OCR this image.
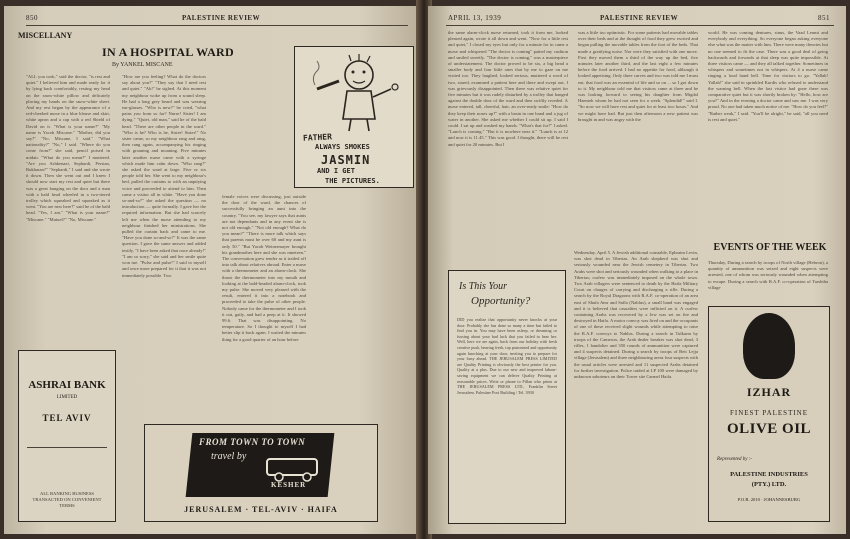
850	PALESTINE REVIEW
MISCELLANY
IN A HOSPITAL WARD
By YANKEL MISCANE
"ALL you took," said the doctor, "is rest and quiet." I believed him and made ready for it by lying back comfortably, resting my head on the snow-white pillow and delicately placing my hands on the snow-white sheet. And my rest began by the appearance of a red-cheeked nurse in a blue blouse and skirt, white apron and a cap with a red Shield of David on it. "What is your name?" "My name is Yacob Miscane." "Mother, did you say?" "No, Miscane, I said." "What nationality?" "No," I said. "Where do you come from?" she said, pencil poised in midair. "What do you mean?" I muttered. "Are you Ashkenazi, Sephardi, Persian, Bukharan?" "Sephardi," I said and she wrote it down. Then she went out and I knew I should now start my rest and quiet but there was a great banging on the door and a man with a bald head wheeled in a two-tiered trolley which squeaked and squeaked as it went. "You are new here?" said he of the bald head. "Yes, I am." "What is your name?" "Miscane." "Mutuel?" "No, Miscane."
"How are you feeling? What do the doctors say about you?" "They say that I need rest and quiet." "Ah!" he sighed. At this moment my neighbour woke up from a sound sleep. He had a long grey beard and was wearing ear-glasses. "Who is new?" he cried, "what pains you from so far? Nurse! Sister! I am dying." "Quiet, old man," said he of the bald head. "There are other people in the ward." "Who is he? Who is he, Sister! Sister!" No sister came, so my neighbour rang and rang, then rang again, accompanying his ringing with groaning and moaning. Five minutes later another nurse came with a syringe which made him calm down. "Who rang?" she asked the ward at large. Five or six people told her. She went to my neighbour's bed, pulled the curtains to with an unpitying voice and proceeded to attend to him. Then came a visitor all in white. "Have you done so-and-so?" she asked the question — no introduction — quite formally. I gave her the required information. But she had scarcely left me when the nurse attending to my neighbour finished her ministrations. She pulled the curtain back and came to me. "Have you done so-and-so?" It was the same question. I gave the same answer and added testily, "I have been asked that once already!" "I am so sorry," she said and her smile quite won me. "Pulse and pulse!" I said to myself and once more prepared for it that it was not immediately possible. Two
female voices were discussing, just outside the door of the ward, the chances of successfully bringing an aunt into the country. "You see, my lawyer says that aunts are not dependants and in any event she is not old enough." "Not old enough? What do you mean?" "There is more talk which says that parents must be over 60 and my aunt is only 50." "But Yacob Weinermayer brought his grandmother here and she was nineteen." The conversation grew tender as it trailed off into talk about relatives abroad. Enter a nurse with a thermometer and an alarm-clock. She thrust the thermometer into my mouth and looking at the bald-headed alarm-clock, took my pulse. She moved very pleased with the result, entered it into a notebook and proceeded to take the pulse of other people. Nobody came for the thermometer and I took it out, gaily, and had a peep at it. It showed 99.6. That was disappointing. No temperature. So I thought to myself I had better slip it back again. I waited the minutes thing for a good quarter of an hour before
FATHER
ALWAYS SMOKES
JASMIN
AND I GET
THE PICTURES.
ASHRAI BANK
LIMITED
TEL AVIV
ALL BANKING BUSINESS TRANSACTED ON CONVENIENT TERMS
FROM TOWN TO TOWN
travel by
KESHER
JERUSALEM · TEL-AVIV · HAIFA
APRIL 13, 1939	PALESTINE REVIEW	851
the same alarm-clock nurse returned, took it from me, looked pleased again, wrote it all down and went. "Now for a little rest and quiet," I closed my eyes but only for a minute for in came a nurse and whispered "The doctor is coming" patted my cushion and smiled sweetly. "The doctor is coming," was a masterpiece of understatement. The doctor proved to be six, a big head a smaller body and four little ones that by me to gaze on me visited too. They laughed, looked serious, muttered a word of two, stared, examined a patient here and there and swept out. I was grievously disappointed. Then there was relative quiet for five minutes but it was rudely disturbed by a trolley that banged against the double door of the ward and then swiftly receded. A nurse entered, tall, cheerful, hair, an over-ready smile: "How do they keep their noses up?" with a basin in one hand and a jug of water in another. She asked me whether I could sit up. I said I could. I sat up and washed my hands. "What's that for?" I asked. "Lunch is coming." "But it is nowhere near it." "Lunch is at 12 and now it is 11.45." This was good. I thought, there will be rest and quiet for 20 minutes. But I
was a little too optimistic. For some patients had movable tables over their beds and at the thought of food they grew excited and began pulling the movable tables from the foot of the beds. That made a gratifying noise. Nor were they satisfied with one move. First they moved them a third of the way up the bed, five minutes later another third, and the last eight a few minutes before the food arrived. I had no appetite for food, although it looked appetising. Only three curves and two was told me I must eat, that food was an essential of life and so on ... so I got down to it. My neighbour told me that visitors came at three and he was looking forward to seeing his daughter from Migdal Haemek whom he had not seen for a week. "Splendid!" said I. "So now we will have rest and quiet for at least two hours." And we might have had. But just then afternoon a new patient was brought in and was angry with the
world. He was coming dentures, sinus, the Vaad Leumi and everybody and everything. So everyone began asking everyone else what was the matter with him. There were many theories but no one seemed to fit the case. There was a good deal of going backwards and forwards at that sleep was quite impossible. At three visitors came — and they all talked together. Sometimes in whispers and sometimes not in whispers. At 4 a nurse came ringing a loud hand bell. Time for visitors to go. "Yallah! Yallah!" she said in sprinkled Kurdis who refused to understand the warning bell. When the last visitor had gone there was comparative quiet but it was shortly broken by: "Hello, how are you?" And in the evening a doctor came and saw me. I was very proud. No one had taken much notice of me. "How do you feel?" "Rather weak," I said. "You'll be alright," he said, "all you need is rest and quiet."
Is This Your
Opportunity?
DID you realize that opportunity never knocks at your door. Probably she has done so many a time but failed to find you in. You may have been asleep, or dreaming or fussing about your bad luck that you failed to hear her. Well, here we are again, back from our holiday with fresh creative push, bearing fresh, top patronised and opportunity again knocking at your door, inviting you to prepare for your busy ahead. THE JERUSALEM PRESS LIMITED are Quality Printing is obviously the best printer for you. Quality at a plus. Due to our new and improved labour-saving equipment we can deliver Quality Printing at reasonable prices. Write or phone to Fillan who prints at THE JERUSALEM PRESS LTD., Franklin Street Jerusalem. Palestine Post Building / Tel. 3930
Wednesday, April 5. A Jewish additional constable, Ephraim Levin, was shot dead in Tiberias. An Arab shepherd was shot and seriously wounded near the Jewish cemetery in Tiberias. Two Arabs were shot and seriously wounded when walking to a place in Tiberias; curfew was immediately imposed on the whole town. Two Arab villagers were sentenced to death by the Haifa Military Court on charges of carrying and discharging a rifle. During a search by the Royal Dragoons with R.A.F. co-operation of an area east of Shafa Amr and Saffa (Nablus), a small band was engaged and it is believed that casualties were inflicted on it. A curfew containing Arabs was recovered by a Jew was set on fire and destroyed in Haifa. A motor convoy was fired on and the occupants of one of these received slight wounds while attempting to raise the R.A.F. convoys to Nablus. During a search in Tulkarm by troops of the Cameron, the Arab dealer breaker was shot dead, 3 rifles, 1 bandolier and 350 rounds of ammunition were captured and 4 suspects detained. During a search by troops of Beit Lejja village (Jerusalem) and three neighbouring areas four suspects with the usual articles were arrested and 11 suspected Arabs detained for further investigation. Police raided at LP 100 were damaged by unknown saboteurs on their Tower site Carmel Haifa.
EVENTS OF THE WEEK
Thursday, During a search by troops of North village (Hebron), a quantity of ammunition was seized and eight suspects were arrested, one of whom was seriously wounded when attempting to escape. During a search with R.A.F. co-operation of Tarshiha village
IZHAR
FINEST PALESTINE
OLIVE OIL
Represented by :-
PALESTINE INDUSTRIES
(PTY.) LTD.
P.O.B. 2010 · JOHANNESBURG
